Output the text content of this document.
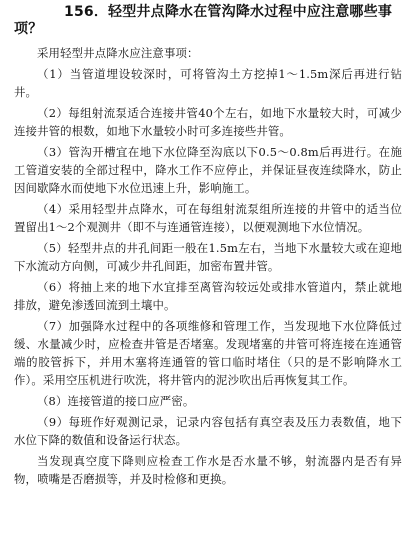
156．轻型井点降水在管沟降水过程中应注意哪些事项？

采用轻型井点降水应注意事项：

（1）当管道埋设较深时，可将管沟土方挖掉1～1.5m深后再进行钻井。

（2）每组射流泵适合连接井管40个左右，如地下水量较大时，可减少连接井管的根数，如地下水量较小时可多连接些井管。

（3）管沟开槽宜在地下水位降至沟底以下0.5～0.8m后再进行。在施工管道安装的全部过程中，降水工作不应停止，并保证昼夜连续降水，防止因间歇降水而使地下水位迅速上升，影响施工。

（4）采用轻型井点降水，可在每组射流泵组所连接的井管中的适当位置留出1～2个观测井（即不与连通管连接），以便观测地下水位情况。

（5）轻型井点的井孔间距一般在1.5m左右，当地下水量较大或在迎地下水流动方向侧，可减少井孔间距，加密布置井管。

（6）将抽上来的地下水宜排至离管沟较远处或排水管道内，禁止就地排放，避免渗透回流到土壤中。

（7）加强降水过程中的各项维修和管理工作，当发现地下水位降低过缓、水量减少时，应检查井管是否堵塞。发现堵塞的井管可将连接在连通管端的胶管拆下，并用木塞将连通管的管口临时堵住（只的是不影响降水工作）。采用空压机进行吹洗，将井管内的泥沙吹出后再恢复其工作。

（8）连接管道的接口应严密。

（9）每班作好观测记录，记录内容包括有真空表及压力表数值，地下水位下降的数值和设备运行状态。

当发现真空度下降则应检查工作水是否水量不够，射流器内是否有异物，喷嘴是否磨损等，并及时检修和更换。
